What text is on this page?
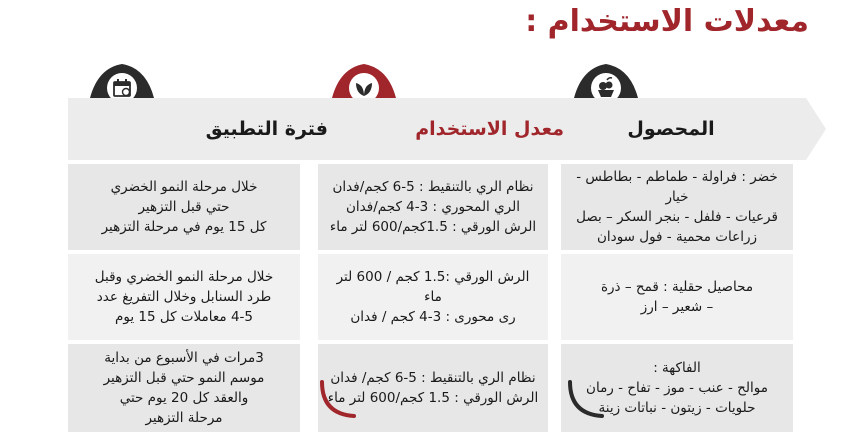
معدلات الاستخدام :
المحصول
خضر : فراولة - طماطم - بطاطس - خيار
قرعيات - فلفل - بنجر السكر – بصل
زراعات محمية - فول سودان
محاصيل حقلية : قمح – ذرة
– شعير – ارز
الفاكهة :
موالح - عنب - موز - تفاح - رمان
حلويات - زيتون - نباتات زينة
معدل الاستخدام
نظام الري بالتنقيط : 5-6 كجم/فدان
الري المحوري : 3-4 كجم/فدان
الرش الورقي : 1.5كجم/600 لتر ماء
الرش الورقي :1.5 كجم / 600 لتر ماء
رى محورى : 3-4 كجم / فدان
نظام الري بالتنقيط : 5-6 كجم/ فدان
الرش الورقي : 1.5 كجم/600 لتر ماء
فترة التطبيق
خلال مرحلة النمو الخضري
حتي قبل التزهير
كل 15 يوم في مرحلة التزهير
خلال مرحلة النمو الخضري وقبل
طرد السنابل وخلال التفريغ عدد
4-5 معاملات كل 15 يوم
3مرات في الأسبوع من بداية
موسم النمو حتي قبل التزهير
والعقد كل 20 يوم حتي
مرحلة التزهير
